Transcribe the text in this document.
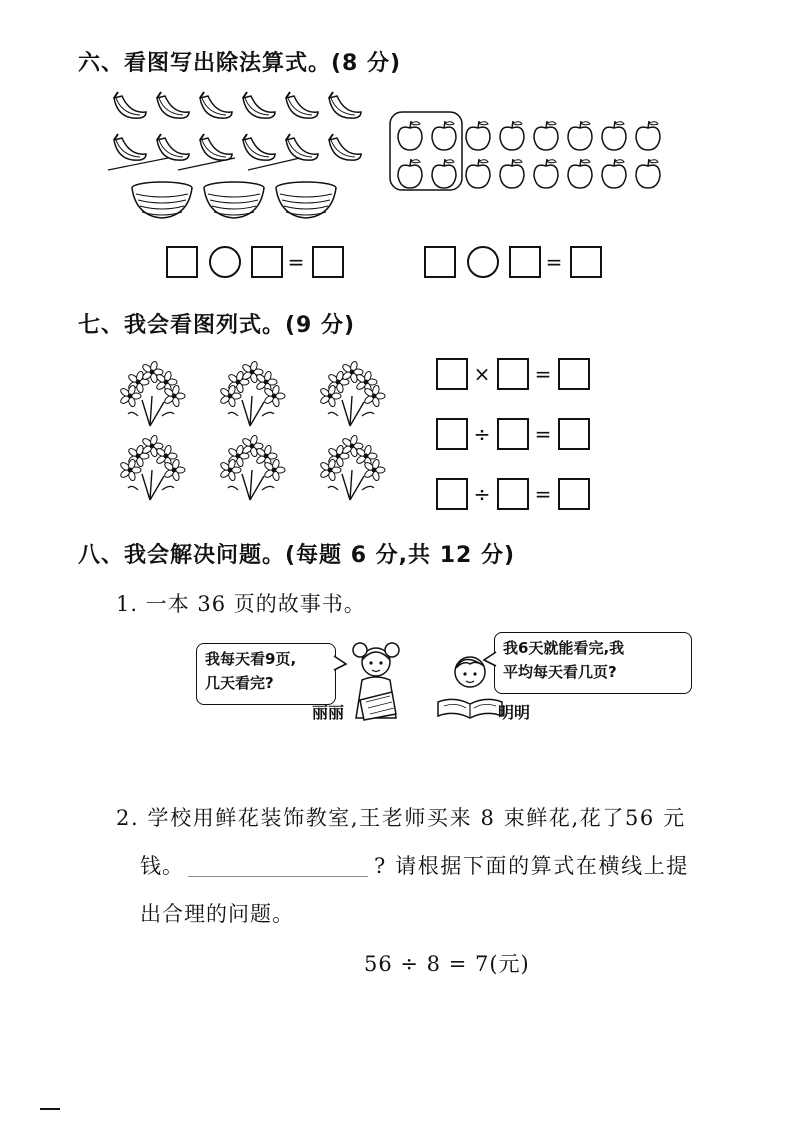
六、看图写出除法算式。(8 分)
=	=
七、我会看图列式。(9 分)
× =
÷ =
÷ =
八、我会解决问题。(每题 6 分,共 12 分)
1. 一本 36 页的故事书。
我每天看9页,
几天看完?
丽丽	明明
我6天就能看完,我
平均每天看几页?
2. 学校用鲜花装饰教室,王老师买来 8 束鲜花,花了56 元
钱。	? 请根据下面的算式在横线上提
出合理的问题。
56 ÷ 8 = 7(元)
